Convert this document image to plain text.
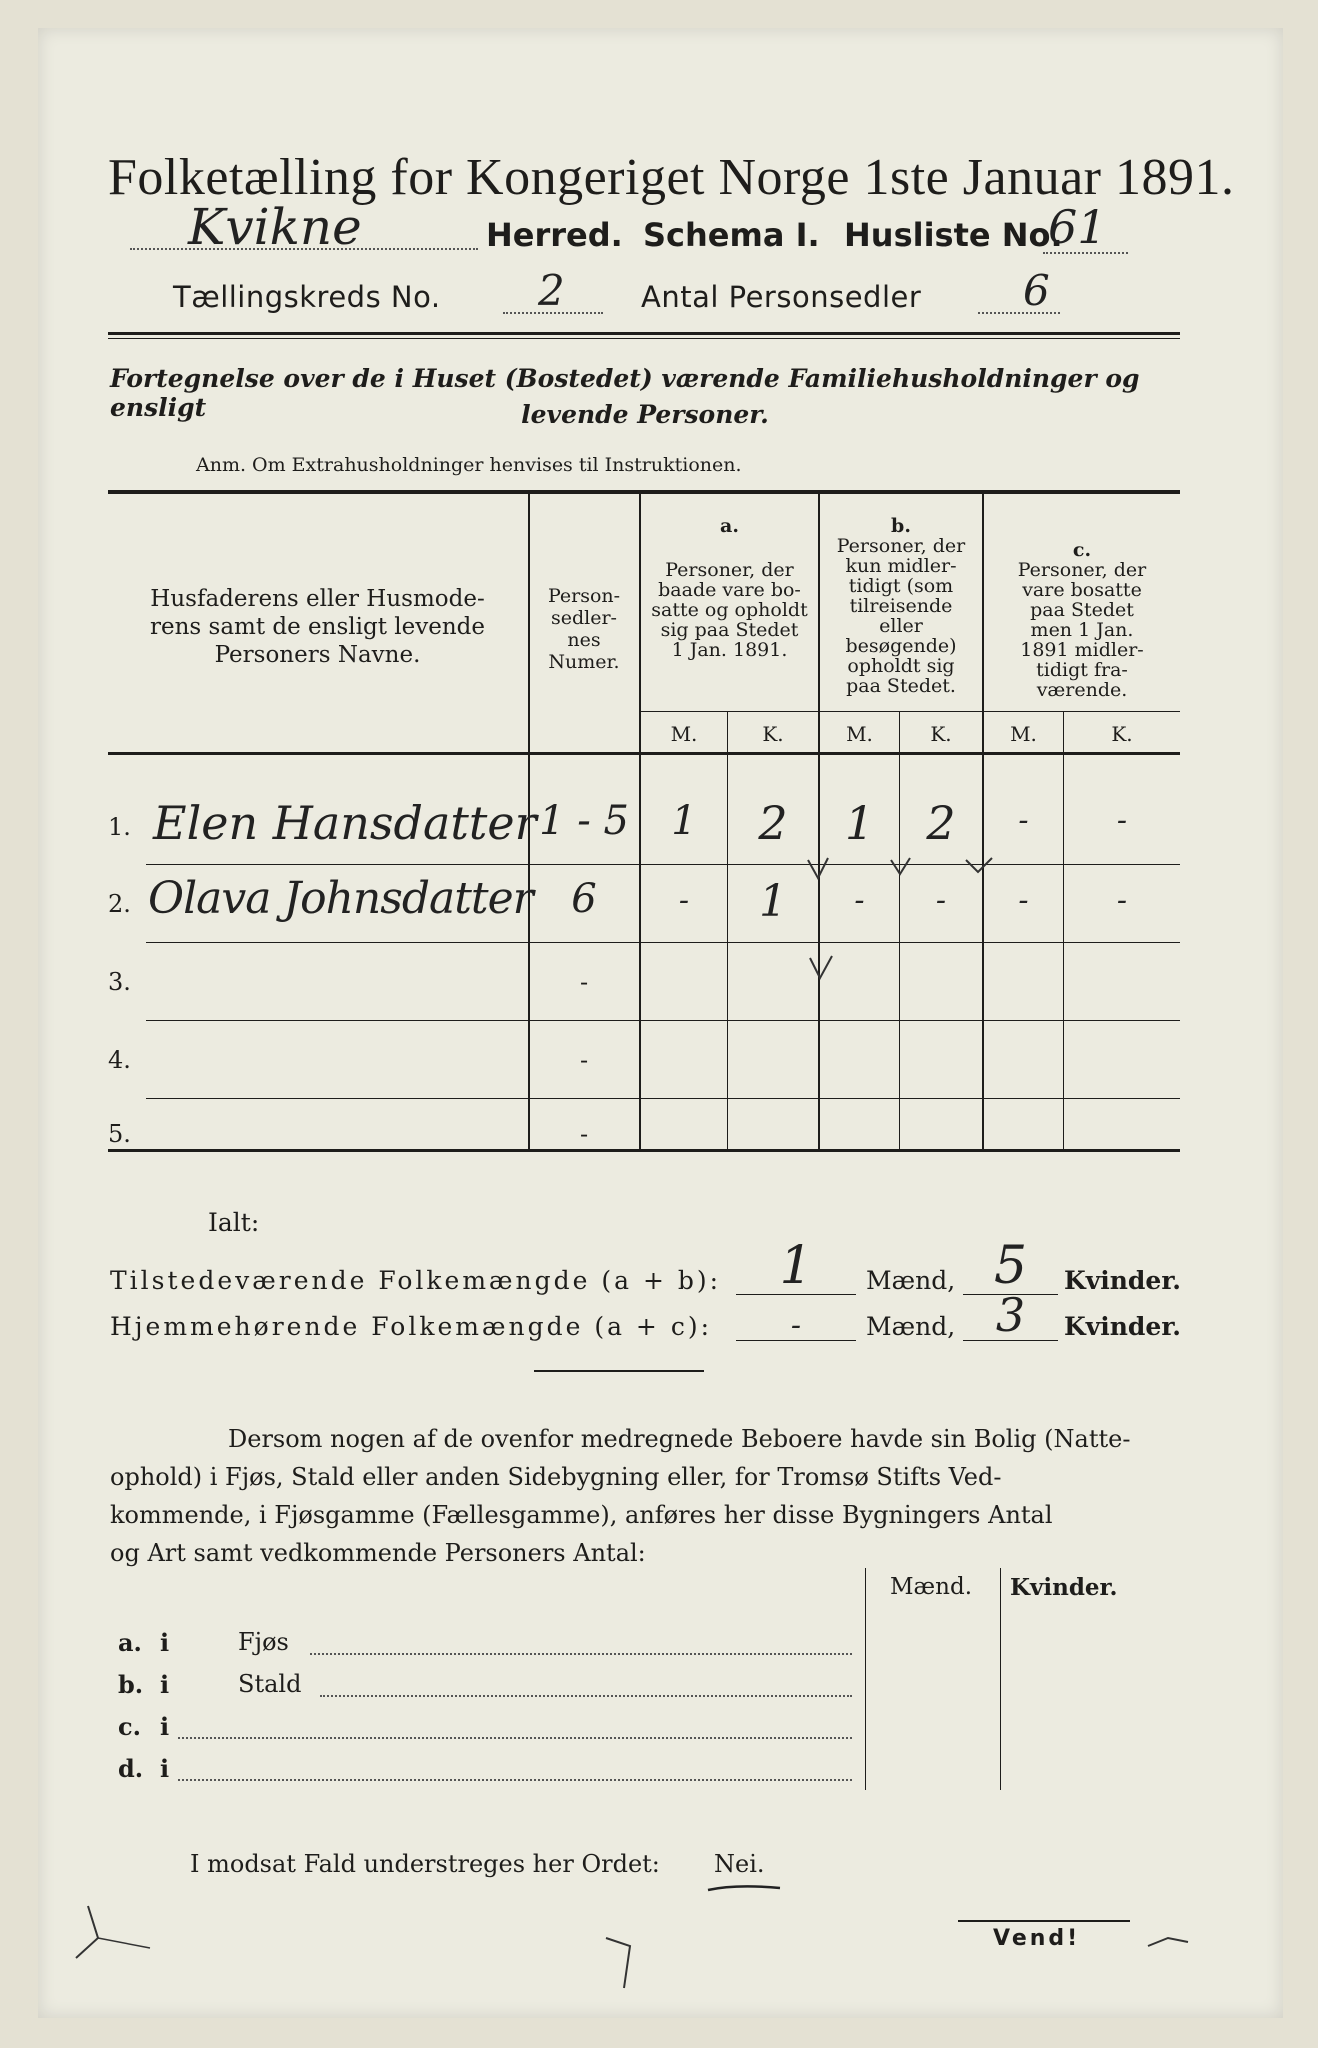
Folketælling for Kongeriget Norge 1ste Januar 1891.
Kvikne	Herred. Schema I. Husliste No.
61
Tællingskreds No. 2	Antal Personsedler 6
Fortegnelse over de i Huset (Bostedet) værende Familiehusholdninger og ensligt	levende Personer.
Anm. Om Extrahusholdninger henvises til Instruktionen.
Husfaderens eller Husmode-
rens samt de ensligt levende
Personers Navne.
Person-
sedler-
nes
Numer.
a.
Personer, der
baade vare bo-
satte og opholdt
sig paa Stedet
1 Jan. 1891.
b.
Personer, der
kun midler-
tidigt (som
tilreisende
eller
besøgende)
opholdt sig
paa Stedet.
c.
Personer, der
vare bosatte
paa Stedet
men 1 Jan.
1891 midler-
tidigt fra-
værende.
M.	K.	M.	K.	M.	K.
1. Elen Hansdatter 1 - 5	1	2	1	2	-	-
2. Olava Johnsdatter 6	-	1	-	-	-	-
3.	-
4.	-
5.	-
Ialt:
Tilstedeværende Folkemængde (a + b):	1	Mænd, 5	Kvinder.
Hjemmehørende Folkemængde (a + c):	-	Mænd, 3	Kvinder.
Dersom nogen af de ovenfor medregnede Beboere havde sin Bolig (Natte-
ophold) i Fjøs, Stald eller anden Sidebygning eller, for Tromsø Stifts Ved-
kommende, i Fjøsgamme (Fællesgamme), anføres her disse Bygningers Antal
og Art samt vedkommende Personers Antal:
Mænd. Kvinder.
a. i	Fjøs
b. i	Stald
c. i
d. i
I modsat Fald understreges her Ordet: Nei.
Vend!
